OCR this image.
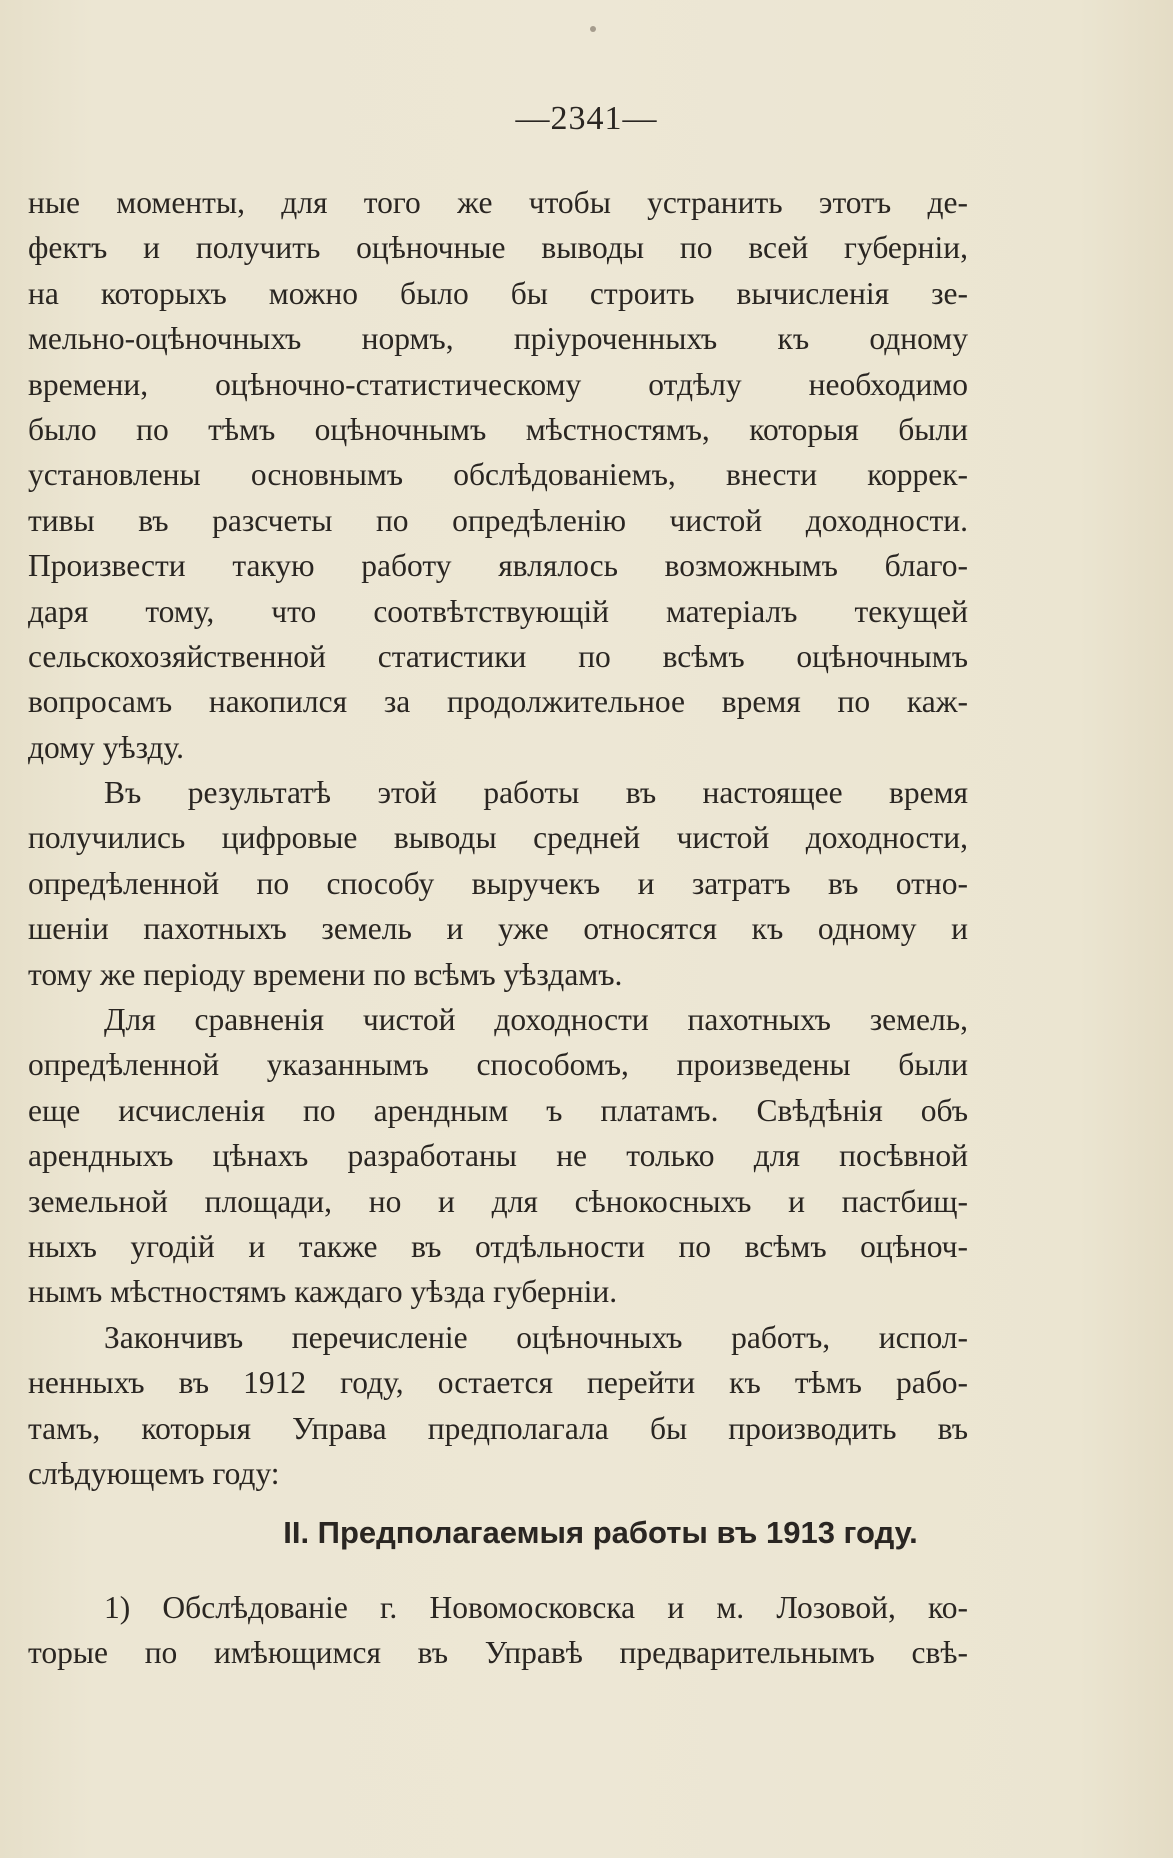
—2341—
ные моменты, для того же чтобы устранить этотъ де-
фектъ и получить оцѣночные выводы по всей губерніи,
на которыхъ можно было бы строить вычисленія зе-
мельно-оцѣночныхъ нормъ, пріуроченныхъ къ одному
времени, оцѣночно-статистическому отдѣлу необходимо
было по тѣмъ оцѣночнымъ мѣстностямъ, которыя были
установлены основнымъ обслѣдованіемъ, внести коррек-
тивы въ разсчеты по опредѣленію чистой доходности.
Произвести такую работу являлось возможнымъ благо-
даря тому, что соотвѣтствующій матеріалъ текущей
сельскохозяйственной статистики по всѣмъ оцѣночнымъ
вопросамъ накопился за продолжительное время по каж-
дому уѣзду.
Въ результатѣ этой работы въ настоящее время
получились цифровые выводы средней чистой доходности,
опредѣленной по способу выручекъ и затратъ въ отно-
шеніи пахотныхъ земель и уже относятся къ одному и
тому же періоду времени по всѣмъ уѣздамъ.
Для сравненія чистой доходности пахотныхъ земель,
опредѣленной указаннымъ способомъ, произведены были
еще исчисленія по арендным ъ платамъ. Свѣдѣнія объ
арендныхъ цѣнахъ разработаны не только для посѣвной
земельной площади, но и для сѣнокосныхъ и пастбищ-
ныхъ угодій и также въ отдѣльности по всѣмъ оцѣноч-
нымъ мѣстностямъ каждаго уѣзда губерніи.
Закончивъ перечисленіе оцѣночныхъ работъ, испол-
ненныхъ въ 1912 году, остается перейти къ тѣмъ рабо-
тамъ, которыя Управа предполагала бы производить въ
слѣдующемъ году:
II. Предполагаемыя работы въ 1913 году.
1) Обслѣдованіе г. Новомосковска и м. Лозовой, ко-
торые по имѣющимся въ Управѣ предварительнымъ свѣ-
